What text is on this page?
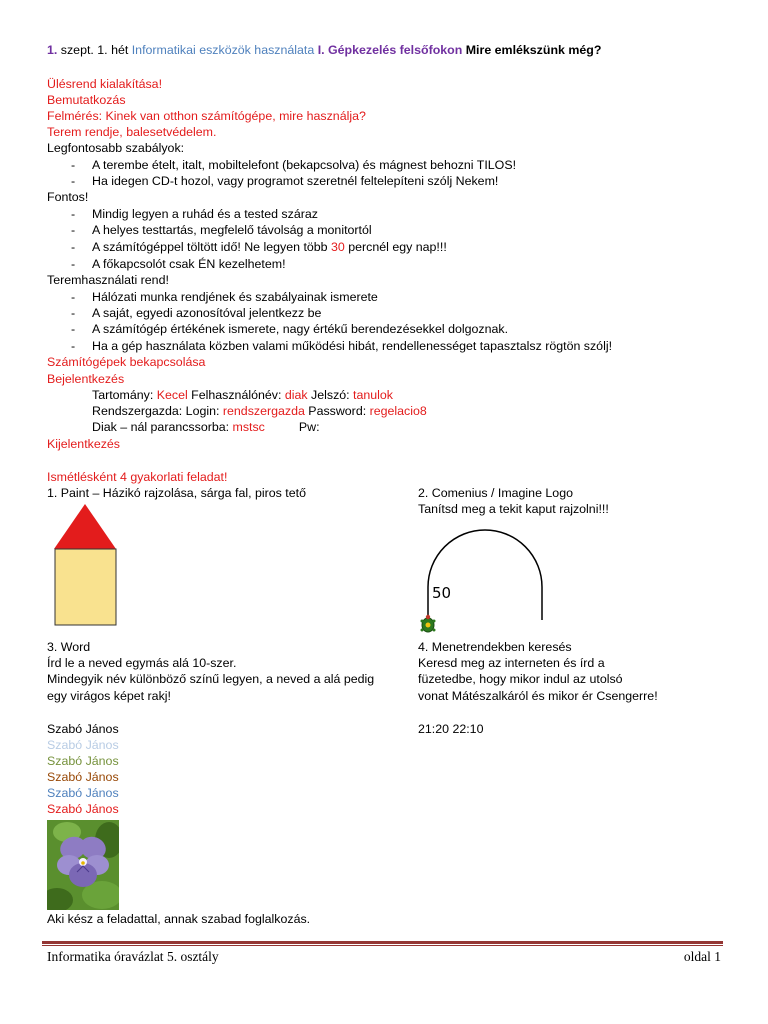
1. szept. 1. hét Informatikai eszközök használata I. Gépkezelés felsőfokon Mire emlékszünk még?
Ülésrend kialakítása!
Bemutatkozás
Felmérés: Kinek van otthon számítógépe, mire használja?
Terem rendje, balesetvédelem.
Legfontosabb szabályok:
- A terembe ételt, italt, mobiltelefont (bekapcsolva) és mágnest behozni TILOS!
- Ha idegen CD-t hozol, vagy programot szeretnél feltelepíteni szólj Nekem!
Fontos!
- Mindig legyen a ruhád és a tested száraz
- A helyes testtartás, megfelelő távolság a monitortól
- A számítógéppel töltött idő! Ne legyen több 30 percnél egy nap!!!
- A főkapcsolót csak ÉN kezelhetem!
Teremhasználati rend!
- Hálózati munka rendjének és szabályainak ismerete
- A saját, egyedi azonosítóval jelentkezz be
- A számítógép értékének ismerete, nagy értékű berendezésekkel dolgoznak.
- Ha a gép használata közben valami működési hibát, rendellenességet tapasztalsz rögtön szólj!
Számítógépek bekapcsolása
Bejelentkezés
Tartomány: Kecel Felhasználónév: diak Jelszó: tanulok
Rendszergazda: Login: rendszergazda Password: regelacio8
Diak – nál parancssorba: mstsc	Pw:
Kijelentkezés
Ismétlésként 4 gyakorlati feladat!
1. Paint – Házikó rajzolása, sárga fal, piros tető	2. Comenius / Imagine Logo
Tanítsd meg a tekit kaput rajzolni!!!
50
3. Word
Írd le a neved egymás alá 10-szer.
Mindegyik név különböző színű legyen, a neved a alá pedig
egy virágos képet rakj!
Szabó János
Szabó János
Szabó János
Szabó János
Szabó János
Szabó János
4. Menetrendekben keresés
Keresd meg az interneten és írd a
füzetedbe, hogy mikor indul az utolsó
vonat Mátészalkáról és mikor ér Csengerre!
21:20 22:10
Aki kész a feladattal, annak szabad foglalkozás.
Informatika óravázlat 5. osztály	oldal 1
